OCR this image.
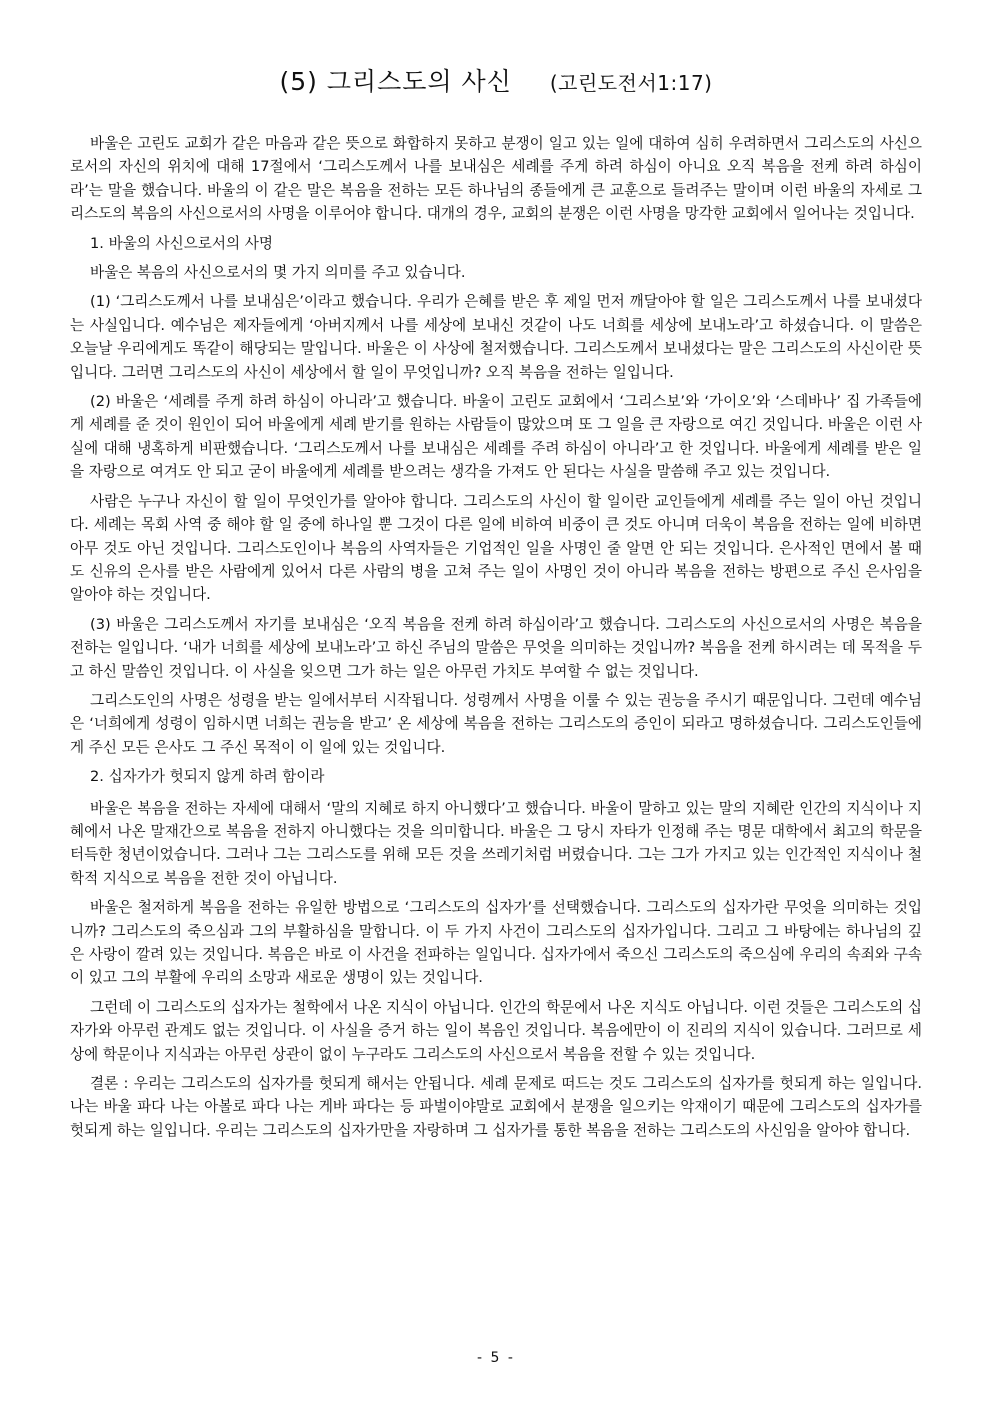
(5) 그리스도의 사신 (고린도전서1:17)

바울은 고린도 교회가 같은 마음과 같은 뜻으로 화합하지 못하고 분쟁이 일고 있는 일에 대하여 심히 우려하면서 그리스도의 사신으로서의 자신의 위치에 대해 17절에서 ‘그리스도께서 나를 보내심은 세례를 주게 하려 하심이 아니요 오직 복음을 전케 하려 하심이라’는 말을 했습니다. 바울의 이 같은 말은 복음을 전하는 모든 하나님의 종들에게 큰 교훈으로 들려주는 말이며 이런 바울의 자세로 그리스도의 복음의 사신으로서의 사명을 이루어야 합니다. 대개의 경우, 교회의 분쟁은 이런 사명을 망각한 교회에서 일어나는 것입니다.

1. 바울의 사신으로서의 사명

바울은 복음의 사신으로서의 몇 가지 의미를 주고 있습니다.

(1) ‘그리스도께서 나를 보내심은’이라고 했습니다. 우리가 은혜를 받은 후 제일 먼저 깨달아야 할 일은 그리스도께서 나를 보내셨다는 사실입니다. 예수님은 제자들에게 ‘아버지께서 나를 세상에 보내신 것같이 나도 너희를 세상에 보내노라’고 하셨습니다. 이 말씀은 오늘날 우리에게도 똑같이 해당되는 말입니다. 바울은 이 사상에 철저했습니다. 그리스도께서 보내셨다는 말은 그리스도의 사신이란 뜻입니다. 그러면 그리스도의 사신이 세상에서 할 일이 무엇입니까? 오직 복음을 전하는 일입니다.

(2) 바울은 ‘세례를 주게 하려 하심이 아니라’고 했습니다. 바울이 고린도 교회에서 ‘그리스보’와 ‘가이오’와 ‘스데바나’ 집 가족들에게 세례를 준 것이 원인이 되어 바울에게 세례 받기를 원하는 사람들이 많았으며 또 그 일을 큰 자랑으로 여긴 것입니다. 바울은 이런 사실에 대해 냉혹하게 비판했습니다. ‘그리스도께서 나를 보내심은 세례를 주려 하심이 아니라’고 한 것입니다. 바울에게 세례를 받은 일을 자랑으로 여겨도 안 되고 굳이 바울에게 세례를 받으려는 생각을 가져도 안 된다는 사실을 말씀해 주고 있는 것입니다.

사람은 누구나 자신이 할 일이 무엇인가를 알아야 합니다. 그리스도의 사신이 할 일이란 교인들에게 세례를 주는 일이 아닌 것입니다. 세례는 목회 사역 중 해야 할 일 중에 하나일 뿐 그것이 다른 일에 비하여 비중이 큰 것도 아니며 더욱이 복음을 전하는 일에 비하면 아무 것도 아닌 것입니다. 그리스도인이나 복음의 사역자들은 기업적인 일을 사명인 줄 알면 안 되는 것입니다. 은사적인 면에서 볼 때도 신유의 은사를 받은 사람에게 있어서 다른 사람의 병을 고쳐 주는 일이 사명인 것이 아니라 복음을 전하는 방편으로 주신 은사임을 알아야 하는 것입니다.

(3) 바울은 그리스도께서 자기를 보내심은 ‘오직 복음을 전케 하려 하심이라’고 했습니다. 그리스도의 사신으로서의 사명은 복음을 전하는 일입니다. ‘내가 너희를 세상에 보내노라’고 하신 주님의 말씀은 무엇을 의미하는 것입니까? 복음을 전케 하시려는 데 목적을 두고 하신 말씀인 것입니다. 이 사실을 잊으면 그가 하는 일은 아무런 가치도 부여할 수 없는 것입니다.

그리스도인의 사명은 성령을 받는 일에서부터 시작됩니다. 성령께서 사명을 이룰 수 있는 권능을 주시기 때문입니다. 그런데 예수님은 ‘너희에게 성령이 임하시면 너희는 권능을 받고’ 온 세상에 복음을 전하는 그리스도의 증인이 되라고 명하셨습니다. 그리스도인들에게 주신 모든 은사도 그 주신 목적이 이 일에 있는 것입니다.

2. 십자가가 헛되지 않게 하려 함이라

바울은 복음을 전하는 자세에 대해서 ‘말의 지혜로 하지 아니했다’고 했습니다. 바울이 말하고 있는 말의 지혜란 인간의 지식이나 지혜에서 나온 말재간으로 복음을 전하지 아니했다는 것을 의미합니다. 바울은 그 당시 자타가 인정해 주는 명문 대학에서 최고의 학문을 터득한 청년이었습니다. 그러나 그는 그리스도를 위해 모든 것을 쓰레기처럼 버렸습니다. 그는 그가 가지고 있는 인간적인 지식이나 철학적 지식으로 복음을 전한 것이 아닙니다.

바울은 철저하게 복음을 전하는 유일한 방법으로 ‘그리스도의 십자가’를 선택했습니다. 그리스도의 십자가란 무엇을 의미하는 것입니까? 그리스도의 죽으심과 그의 부활하심을 말합니다. 이 두 가지 사건이 그리스도의 십자가입니다. 그리고 그 바탕에는 하나님의 깊은 사랑이 깔려 있는 것입니다. 복음은 바로 이 사건을 전파하는 일입니다. 십자가에서 죽으신 그리스도의 죽으심에 우리의 속죄와 구속이 있고 그의 부활에 우리의 소망과 새로운 생명이 있는 것입니다.

그런데 이 그리스도의 십자가는 철학에서 나온 지식이 아닙니다. 인간의 학문에서 나온 지식도 아닙니다. 이런 것들은 그리스도의 십자가와 아무런 관계도 없는 것입니다. 이 사실을 증거 하는 일이 복음인 것입니다. 복음에만이 이 진리의 지식이 있습니다. 그러므로 세상에 학문이나 지식과는 아무런 상관이 없이 누구라도 그리스도의 사신으로서 복음을 전할 수 있는 것입니다.

결론 : 우리는 그리스도의 십자가를 헛되게 해서는 안됩니다. 세례 문제로 떠드는 것도 그리스도의 십자가를 헛되게 하는 일입니다. 나는 바울 파다 나는 아볼로 파다 나는 게바 파다는 등 파벌이야말로 교회에서 분쟁을 일으키는 악재이기 때문에 그리스도의 십자가를 헛되게 하는 일입니다. 우리는 그리스도의 십자가만을 자랑하며 그 십자가를 통한 복음을 전하는 그리스도의 사신임을 알아야 합니다.

- 5 -
